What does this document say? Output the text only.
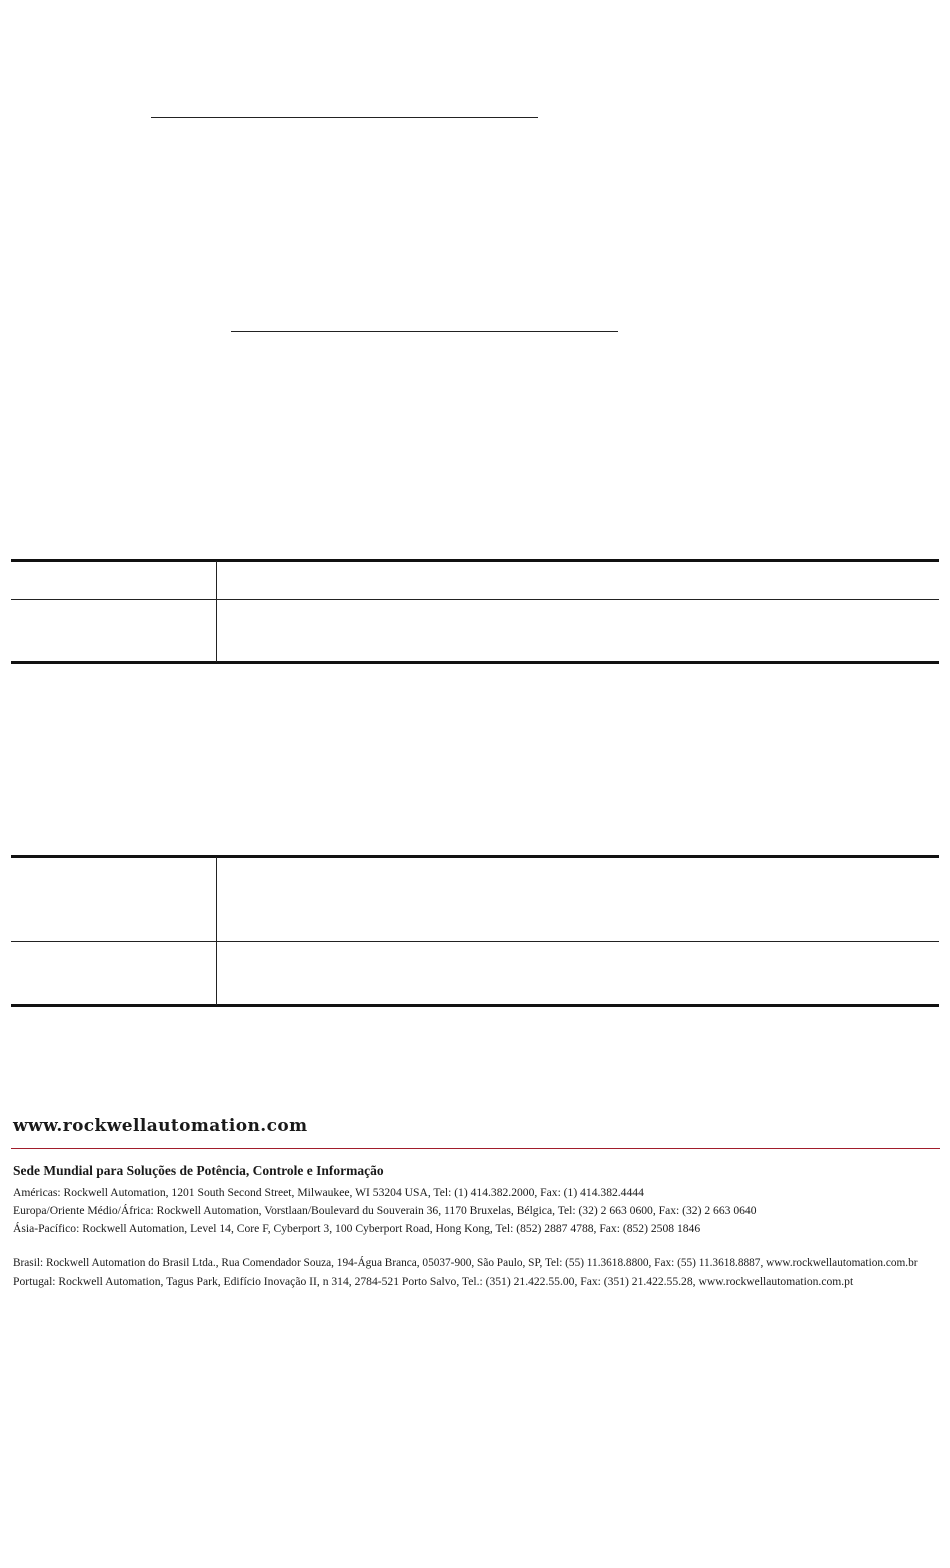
www.rockwellautomation.com
Sede Mundial para Soluções de Potência, Controle e Informação
Américas: Rockwell Automation, 1201 South Second Street, Milwaukee, WI 53204 USA, Tel: (1) 414.382.2000, Fax: (1) 414.382.4444
Europa/Oriente Médio/África: Rockwell Automation, Vorstlaan/Boulevard du Souverain 36, 1170 Bruxelas, Bélgica, Tel: (32) 2 663 0600, Fax: (32) 2 663 0640
Ásia-Pacífico: Rockwell Automation, Level 14, Core F, Cyberport 3, 100 Cyberport Road, Hong Kong, Tel: (852) 2887 4788, Fax: (852) 2508 1846
Brasil: Rockwell Automation do Brasil Ltda., Rua Comendador Souza, 194-Água Branca, 05037-900, São Paulo, SP, Tel: (55) 11.3618.8800, Fax: (55) 11.3618.8887, www.rockwellautomation.com.br
Portugal: Rockwell Automation, Tagus Park, Edifício Inovação II, n 314, 2784-521 Porto Salvo, Tel.: (351) 21.422.55.00, Fax: (351) 21.422.55.28, www.rockwellautomation.com.pt
